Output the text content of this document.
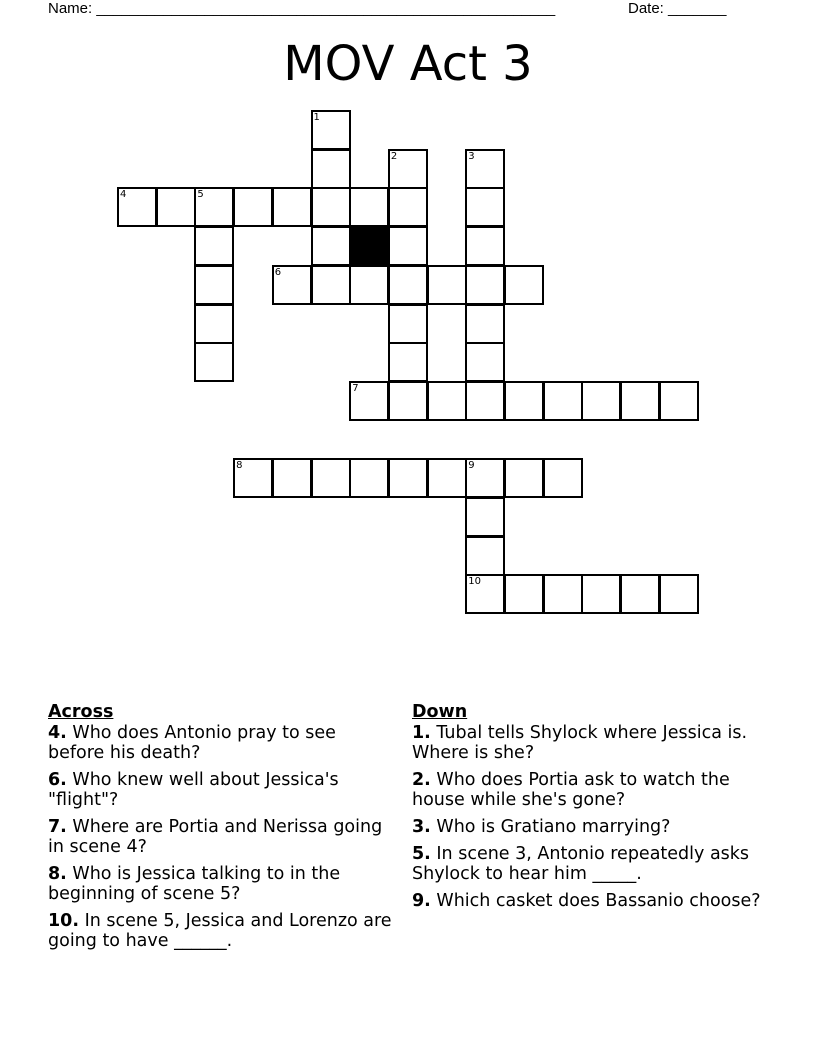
Name: _______________________________________________________	Date: _______
MOV Act 3
1
2	3
4	5
6
7
8	9
10
Across
4. Who does Antonio pray to see before his death?
6. Who knew well about Jessica's "flight"?
7. Where are Portia and Nerissa going in scene 4?
8. Who is Jessica talking to in the beginning of scene 5?
10. In scene 5, Jessica and Lorenzo are going to have ______.
Down
1. Tubal tells Shylock where Jessica is. Where is she?
2. Who does Portia ask to watch the house while she's gone?
3. Who is Gratiano marrying?
5. In scene 3, Antonio repeatedly asks Shylock to hear him _____.
9. Which casket does Bassanio choose?
